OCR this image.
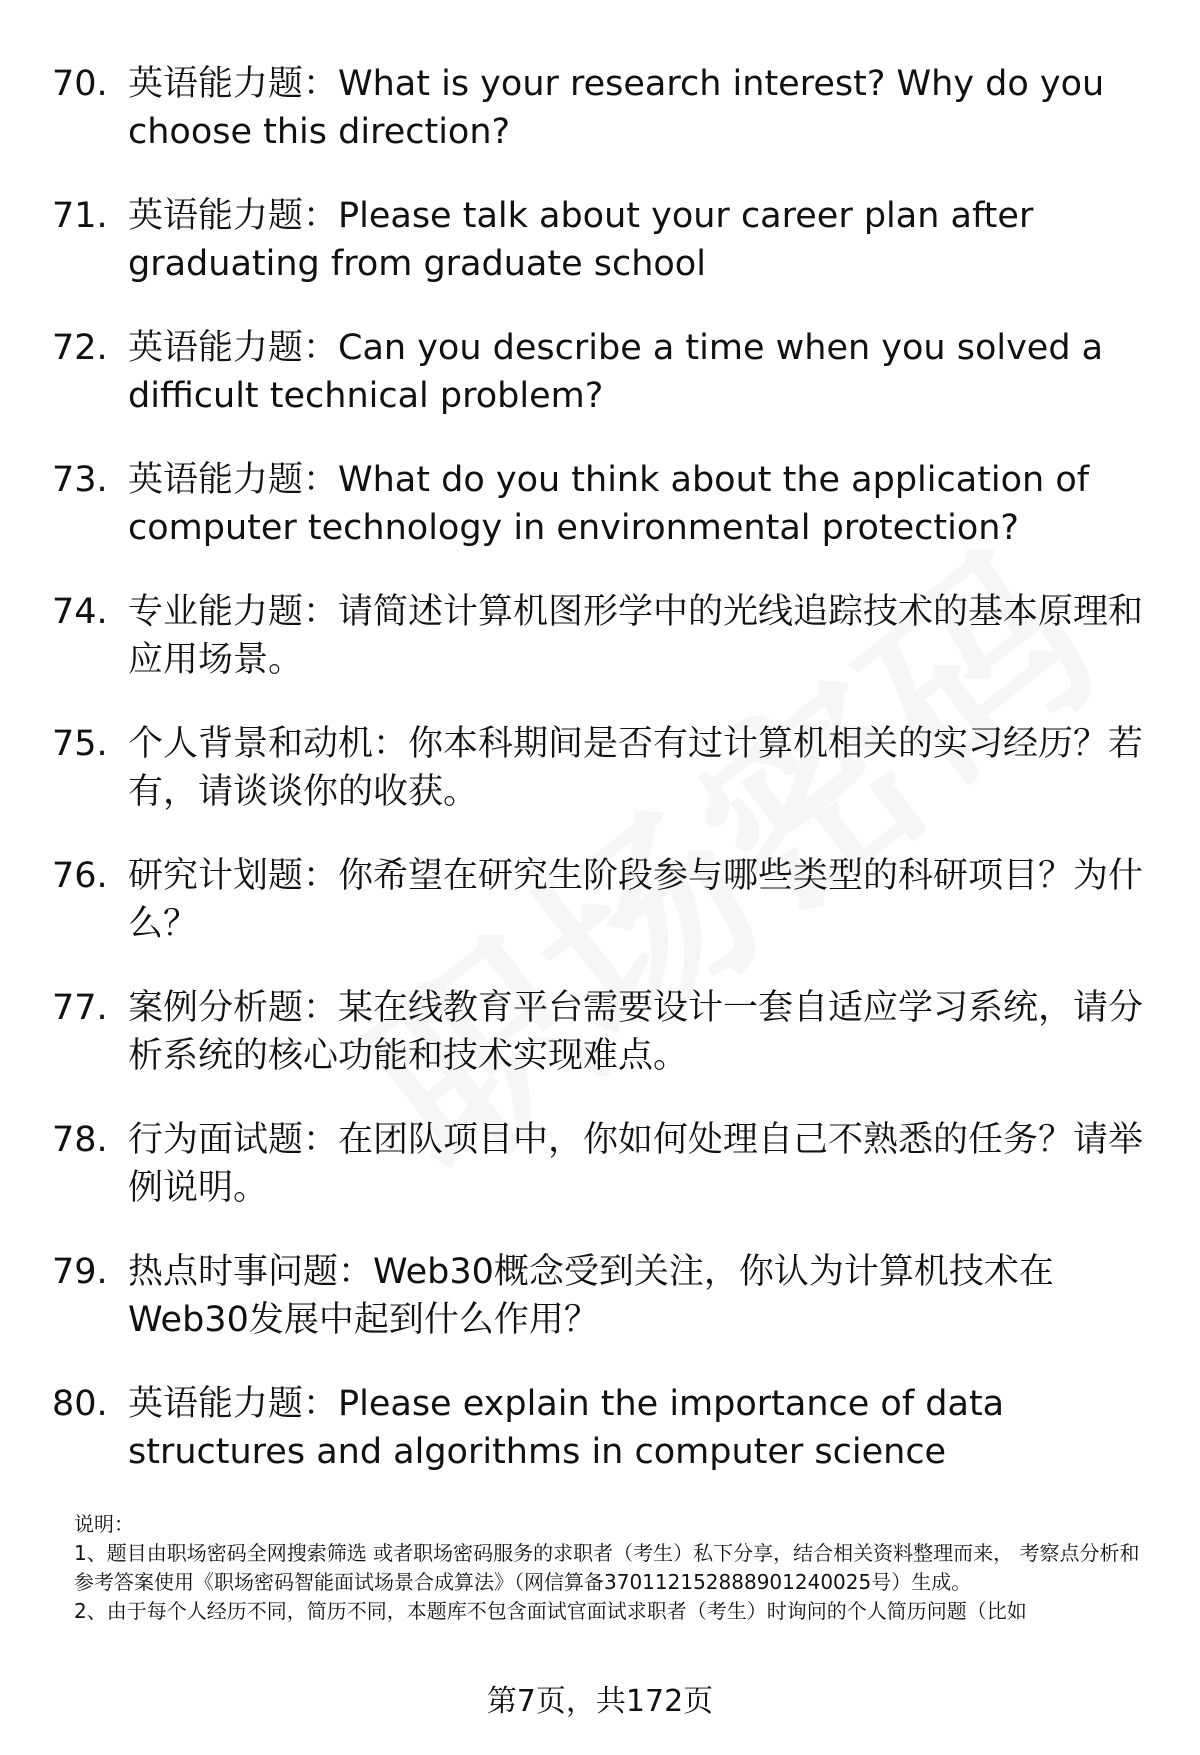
70. 英语能力题：What is your research interest? Why do you choose this direction?
71. 英语能力题：Please talk about your career plan after graduating from graduate school
72. 英语能力题：Can you describe a time when you solved a difficult technical problem?
73. 英语能力题：What do you think about the application of computer technology in environmental protection?
74. 专业能力题：请简述计算机图形学中的光线追踪技术的基本原理和应用场景。
75. 个人背景和动机：你本科期间是否有过计算机相关的实习经历？若有，请谈谈你的收获。
76. 研究计划题：你希望在研究生阶段参与哪些类型的科研项目？为什么？
77. 案例分析题：某在线教育平台需要设计一套自适应学习系统，请分析系统的核心功能和技术实现难点。
78. 行为面试题：在团队项目中，你如何处理自己不熟悉的任务？请举例说明。
79. 热点时事问题：Web30概念受到关注，你认为计算机技术在Web30发展中起到什么作用？
80. 英语能力题：Please explain the importance of data structures and algorithms in computer science

说明：

1、题目由职场密码全网搜索筛选 或者职场密码服务的求职者（考生）私下分享，结合相关资料整理而来， 考察点分析和参考答案使用《职场密码智能面试场景合成算法》（网信算备370112152888901240025号）生成。

2、由于每个人经历不同，简历不同，本题库不包含面试官面试求职者（考生）时询问的个人简历问题（比如

第7页，共172页
